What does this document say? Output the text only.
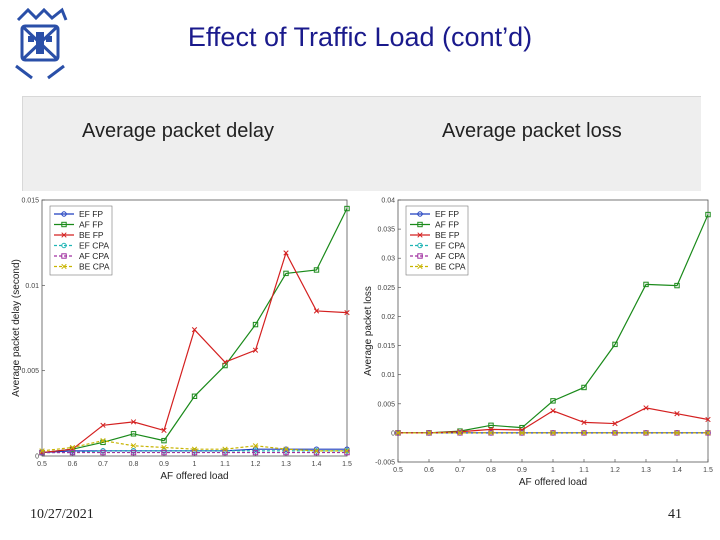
Effect of Traffic Load (cont’d)
Average packet delay	Average packet loss
0.5	0.6	0.7	0.8	0.9	1	1.1	1.2	1.3	1.4	1.5
0
0.005
0.01
0.015
AF offered load
Average packet delay (second)
EF FP
AF FP
BE FP
EF CPA
AF CPA
BE CPA
0.5	0.6	0.7	0.8	0.9	1	1.1	1.2	1.3	1.4	1.5
-0.005
0
0.005
0.01
0.015
0.02
0.025
0.03
0.035
0.04
AF offered load
Average packet loss
EF FP
AF FP
BE FP
EF CPA
AF CPA
BE CPA
10/27/2021	41
